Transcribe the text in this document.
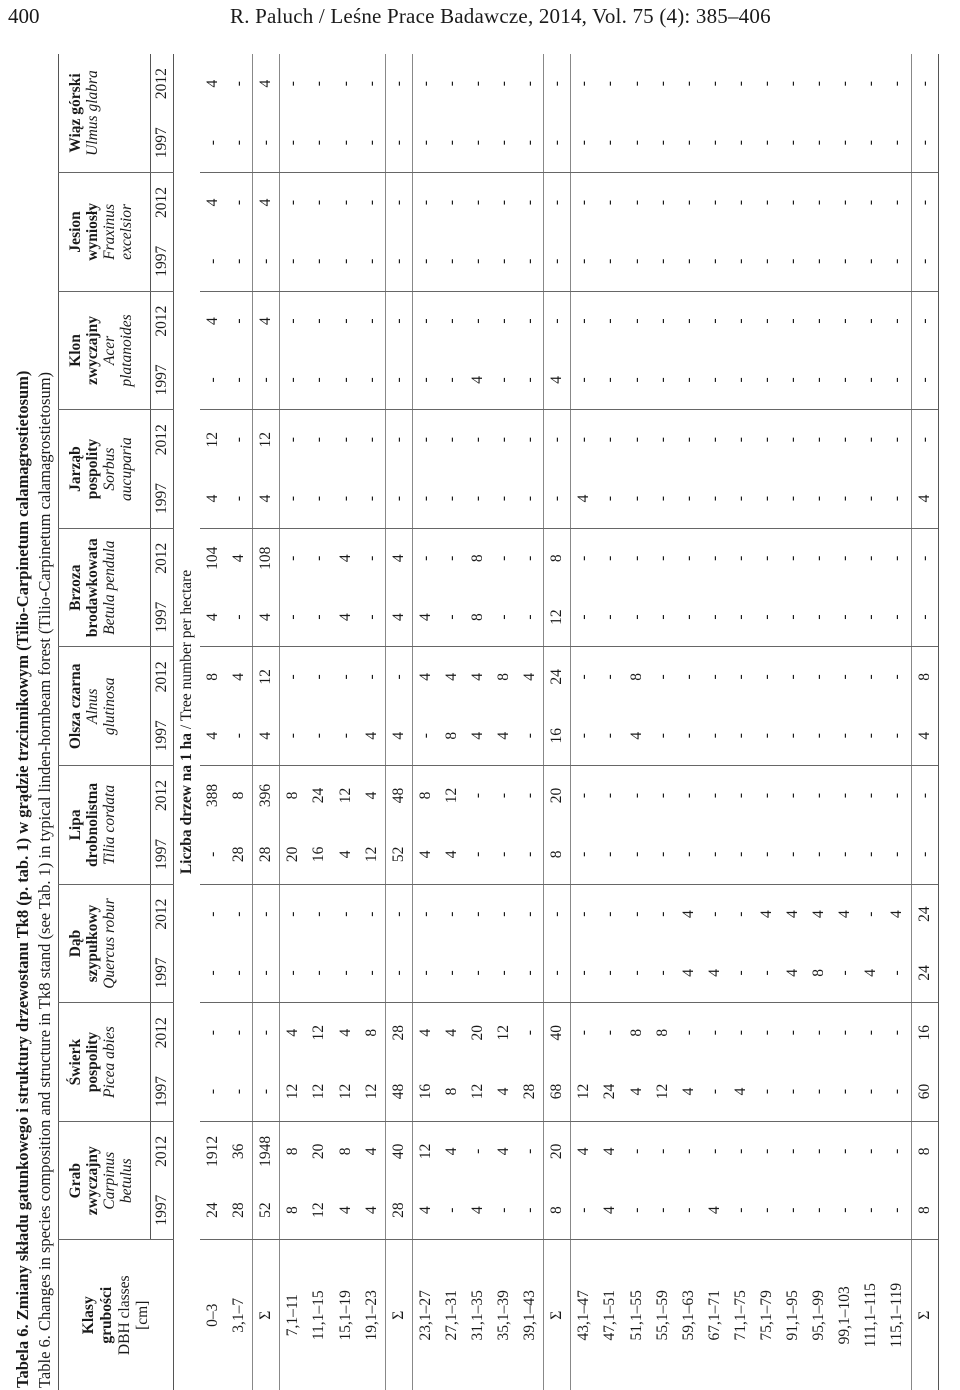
400	R. Paluch / Leśne Prace Badawcze, 2014, Vol. 75 (4): 385–406
Tabela 6. Zmiany składu gatunkowego i struktury drzewostanu Tk8 (p. tab. 1) w grądzie trzcinnikowym (Tilio-Carpinetum calamagrostietosum) Table 6. Changes in species composition and structure in Tk8 stand (see Tab. 1) in typical linden-hornbeam forest (Tilio-Carpinetum calamagrostietosum) Klasy grubości DBH classes [cm]	Grab zwyczajny Carpinus betulus		Świerk pospolity Picea abies		Dąb szypułkowy Quercus robur		Lipa drobnolistna Tilia cordata		Olsza czarna Alnus glutinosa		Brzoza brodawkowata Betula pendula		Jarząb pospolity Sorbus aucuparia		Klon zwyczajny Acer platanoides		Jesion wyniosły Fraxinus excelsior		Wiąz górski Ulmus glabra	

	1997	2012	1997	2012	1997	2012	1997	2012	1997	2012	1997	2012	1997	2012	1997	2012	1997	2012	1997	2012
Liczba drzew na 1 ha / Tree number per hectare																				
0–3	24	1912	-	-	-	-	-	388	4	8	4	104	4	12	-	4	-	4	-	4
3,1–7	28	36	-	-	-	-	28	8	-	4	-	4	-	-	-	-	-	-	-	-
Σ	52	1948	-	-	-	-	28	396	4	12	4	108	4	12	-	4	-	4	-	4
7,1–11	8	8	12	4	-	-	20	8	-	-	-	-	-	-	-	-	-	-	-	-
11,1–15	12	20	12	12	-	-	16	24	-	-	-	-	-	-	-	-	-	-	-	-
15,1–19	4	8	12	4	-	-	4	12	-	-	4	4	-	-	-	-	-	-	-	-
19,1–23	4	4	12	8	-	-	12	4	4	-	-	-	-	-	-	-	-	-	-	-
Σ	28	40	48	28	-	-	52	48	4	-	4	4	-	-	-	-	-	-	-	-
23,1–27	4	12	16	4	-	-	4	8	-	4	4	-	-	-	-	-	-	-	-	-
27,1–31	-	4	8	4	-	-	4	12	8	4	-	-	-	-	-	-	-	-	-	-
31,1–35	4	-	12	20	-	-	-	-	4	4	8	8	-	-	4	-	-	-	-	-
35,1–39	-	4	4	12	-	-	-	-	4	8	-	-	-	-	-	-	-	-	-	-
39,1–43	-	-	28	-	-	-	-	-	-	4	-	-	-	-	-	-	-	-	-	-
Σ	8	20	68	40	-	-	8	20	16	24	12	8	-	-	4	-	-	-	-	-
43,1–47	-	4	12	-	-	-	-	-	-	-	-	-	4	-	-	-	-	-	-	-
47,1–51	4	4	24	-	-	-	-	-	-	-	-	-	-	-	-	-	-	-	-	-
51,1–55	-	-	4	8	-	-	-	-	4	8	-	-	-	-	-	-	-	-	-	-
55,1–59	-	-	12	8	-	-	-	-	-	-	-	-	-	-	-	-	-	-	-	-
59,1–63	-	-	4	-	4	4	-	-	-	-	-	-	-	-	-	-	-	-	-	-
67,1–71	4	-	-	-	4	-	-	-	-	-	-	-	-	-	-	-	-	-	-	-
71,1–75	-	-	4	-	-	-	-	-	-	-	-	-	-	-	-	-	-	-	-	-
75,1–79	-	-	-	-	-	4	-	-	-	-	-	-	-	-	-	-	-	-	-	-
91,1–95	-	-	-	-	4	4	-	-	-	-	-	-	-	-	-	-	-	-	-	-
95,1–99	-	-	-	-	8	4	-	-	-	-	-	-	-	-	-	-	-	-	-	-
99,1–103	-	-	-	-	-	4	-	-	-	-	-	-	-	-	-	-	-	-	-	-
111,1–115	-	-	-	-	4	-	-	-	-	-	-	-	-	-	-	-	-	-	-	-
115,1–119	-	-	-	-	-	4	-	-	-	-	-	-	-	-	-	-	-	-	-	-
Σ	8	8	60	16	24	24	-	-	4	8	-	-	4	-	-	-	-	-	-	-
